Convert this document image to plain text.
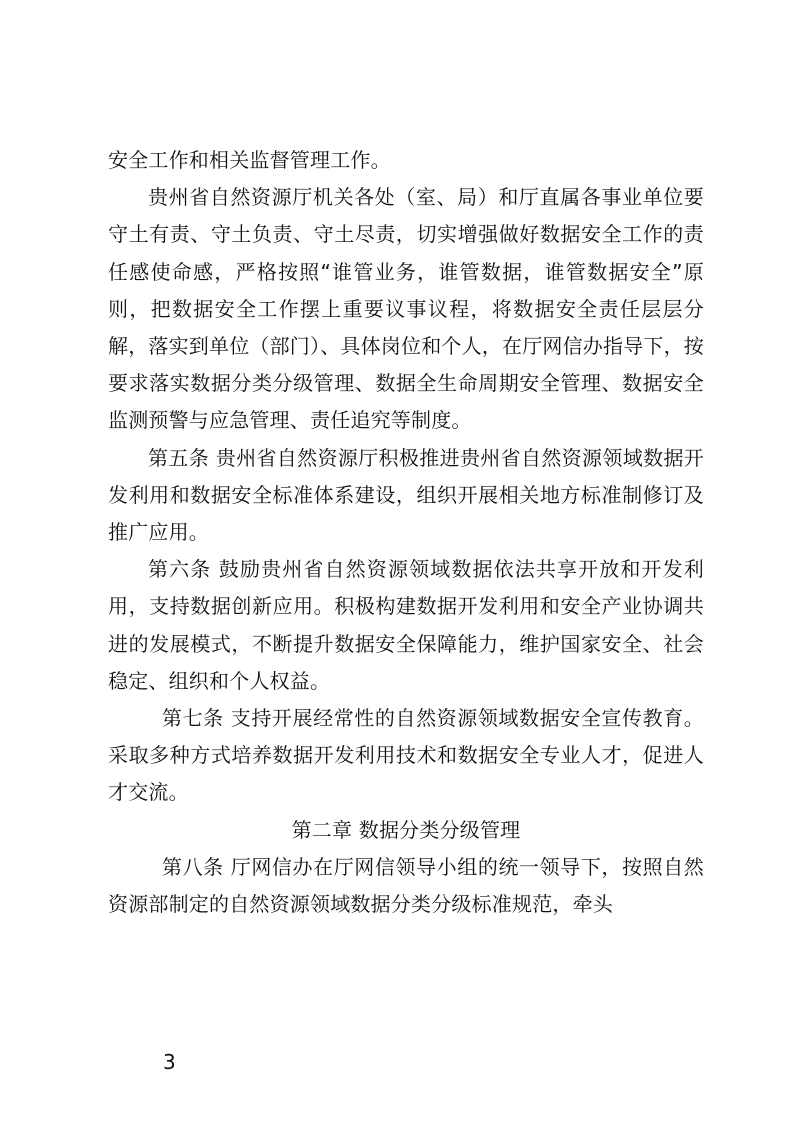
安全工作和相关监督管理工作。

贵州省自然资源厅机关各处（室、局）和厅直属各事业单位要守土有责、守土负责、守土尽责，切实增强做好数据安全工作的责任感使命感，严格按照“谁管业务，谁管数据，谁管数据安全”原则，把数据安全工作摆上重要议事议程，将数据安全责任层层分解，落实到单位（部门）、具体岗位和个人，在厅网信办指导下，按要求落实数据分类分级管理、数据全生命周期安全管理、数据安全监测预警与应急管理、责任追究等制度。

第五条 贵州省自然资源厅积极推进贵州省自然资源领域数据开发利用和数据安全标准体系建设，组织开展相关地方标准制修订及推广应用。

第六条 鼓励贵州省自然资源领域数据依法共享开放和开发利用，支持数据创新应用。积极构建数据开发利用和安全产业协调共进的发展模式，不断提升数据安全保障能力，维护国家安全、社会稳定、组织和个人权益。

第七条 支持开展经常性的自然资源领域数据安全宣传教育。采取多种方式培养数据开发利用技术和数据安全专业人才，促进人才交流。

第二章 数据分类分级管理

第八条 厅网信办在厅网信领导小组的统一领导下，按照自然资源部制定的自然资源领域数据分类分级标准规范，牵头

3
